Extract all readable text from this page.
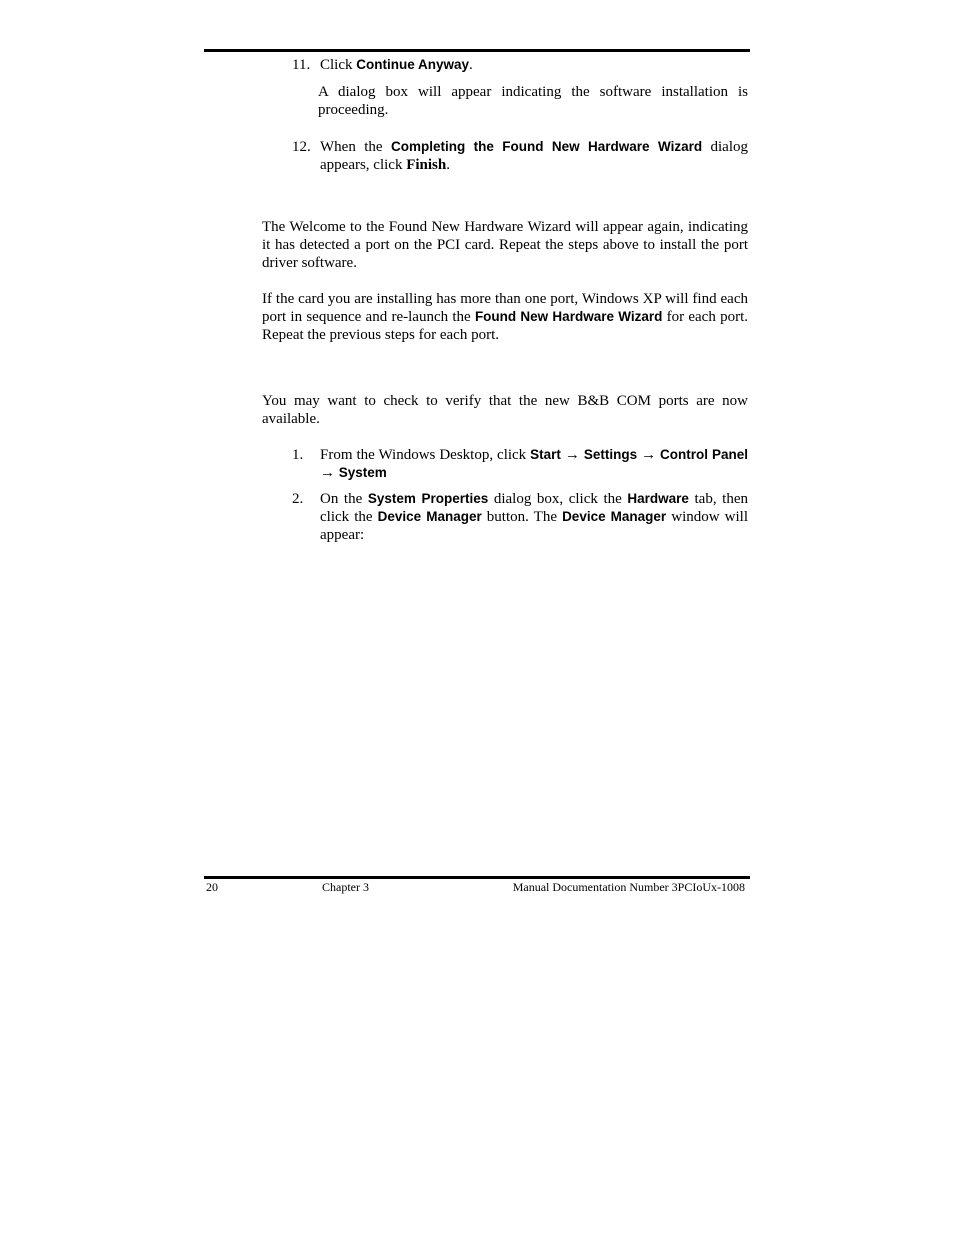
11. Click Continue Anyway.
A dialog box will appear indicating the software installation is proceeding.
12. When the Completing the Found New Hardware Wizard dialog appears, click Finish.
The Welcome to the Found New Hardware Wizard will appear again, indicating it has detected a port on the PCI card. Repeat the steps above to install the port driver software.
If the card you are installing has more than one port, Windows XP will find each port in sequence and re-launch the Found New Hardware Wizard for each port. Repeat the previous steps for each port.
You may want to check to verify that the new B&B COM ports are now available.
1. From the Windows Desktop, click Start → Settings → Control Panel → System
2. On the System Properties dialog box, click the Hardware tab, then click the Device Manager button. The Device Manager window will appear:
20	Chapter 3	Manual Documentation Number 3PCIoUx-1008
